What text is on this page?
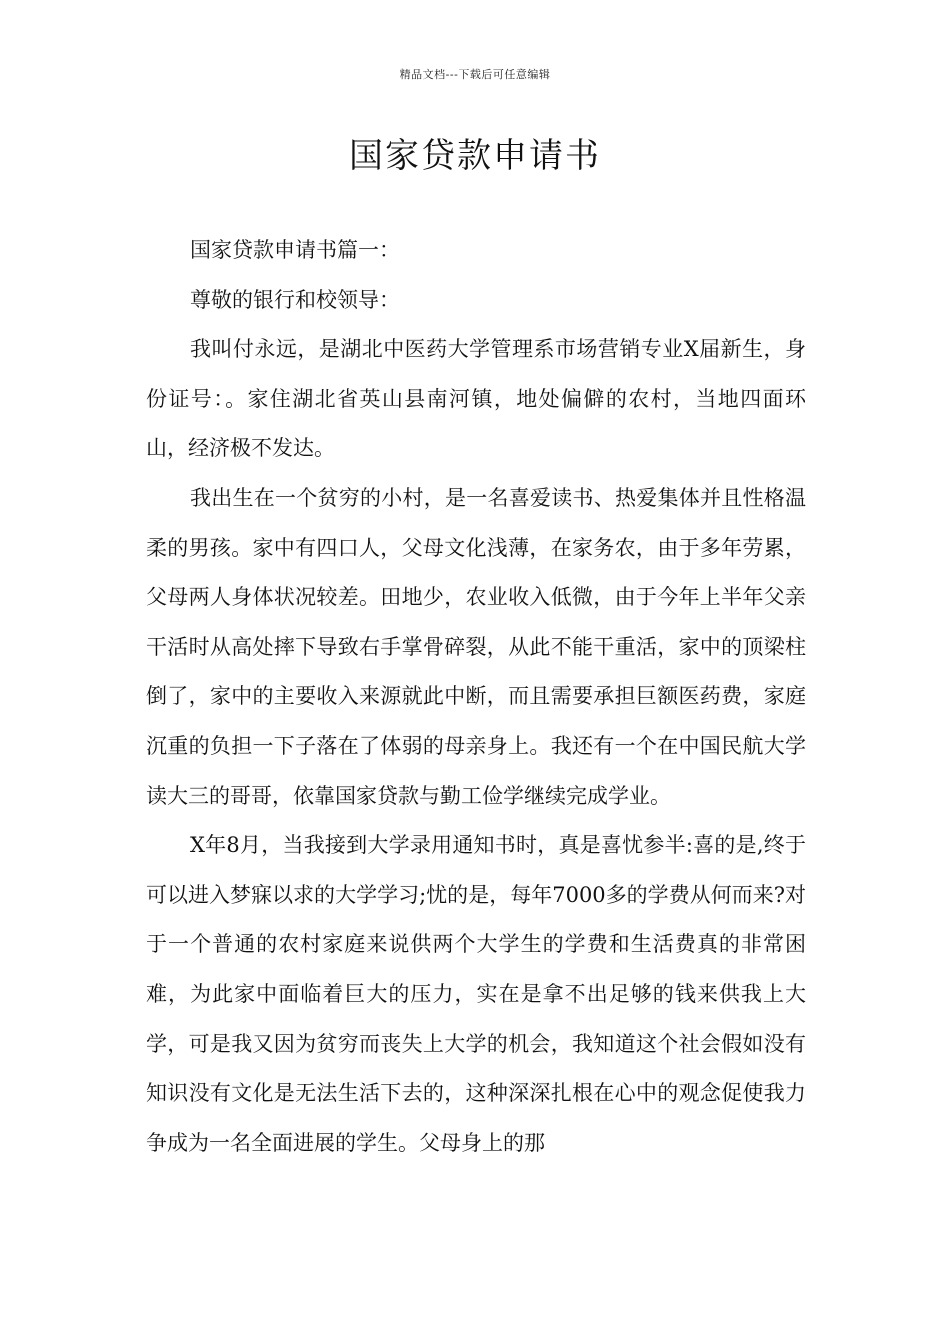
精品文档---下载后可任意编辑
国家贷款申请书

国家贷款申请书篇一：

尊敬的银行和校领导：

我叫付永远，是湖北中医药大学管理系市场营销专业X届新生，身份证号：。家住湖北省英山县南河镇，地处偏僻的农村，当地四面环山，经济极不发达。

我出生在一个贫穷的小村，是一名喜爱读书、热爱集体并且性格温柔的男孩。家中有四口人，父母文化浅薄，在家务农，由于多年劳累，父母两人身体状况较差。田地少，农业收入低微，由于今年上半年父亲干活时从高处摔下导致右手掌骨碎裂，从此不能干重活，家中的顶梁柱倒了，家中的主要收入来源就此中断，而且需要承担巨额医药费，家庭沉重的负担一下子落在了体弱的母亲身上。我还有一个在中国民航大学读大三的哥哥，依靠国家贷款与勤工俭学继续完成学业。

X年8月，当我接到大学录用通知书时，真是喜忧参半:喜的是,终于可以进入梦寐以求的大学学习;忧的是，每年7000多的学费从何而来?对于一个普通的农村家庭来说供两个大学生的学费和生活费真的非常困难，为此家中面临着巨大的压力，实在是拿不出足够的钱来供我上大学，可是我又因为贫穷而丧失上大学的机会，我知道这个社会假如没有知识没有文化是无法生活下去的，这种深深扎根在心中的观念促使我力争成为一名全面进展的学生。父母身上的那
